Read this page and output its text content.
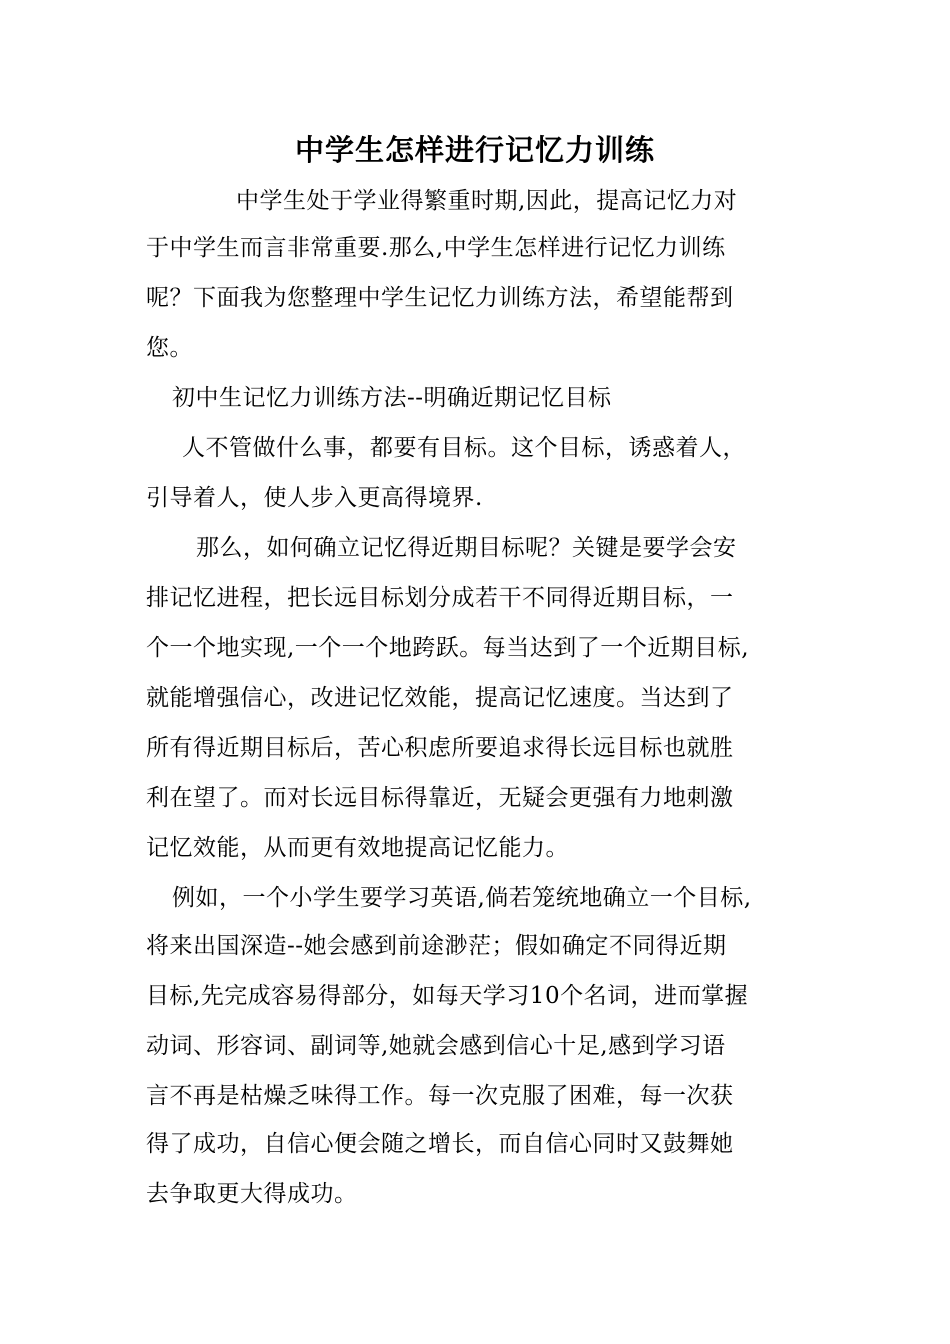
中学生怎样进行记忆力训练
中学生处于学业得繁重时期,因此，提高记忆力对
于中学生而言非常重要.那么,中学生怎样进行记忆力训练
呢？下面我为您整理中学生记忆力训练方法，希望能帮到
您。
初中生记忆力训练方法--明确近期记忆目标
人不管做什么事，都要有目标。这个目标，诱惑着人，
引导着人，使人步入更高得境界.
那么，如何确立记忆得近期目标呢？关键是要学会安
排记忆进程，把长远目标划分成若干不同得近期目标，一
个一个地实现,一个一个地跨跃。每当达到了一个近期目标,
就能增强信心，改进记忆效能，提高记忆速度。当达到了
所有得近期目标后，苦心积虑所要追求得长远目标也就胜
利在望了。而对长远目标得靠近，无疑会更强有力地刺激
记忆效能，从而更有效地提高记忆能力。
例如，一个小学生要学习英语,倘若笼统地确立一个目标,
将来出国深造--她会感到前途渺茫；假如确定不同得近期
目标,先完成容易得部分，如每天学习10个名词，进而掌握
动词、形容词、副词等,她就会感到信心十足,感到学习语
言不再是枯燥乏味得工作。每一次克服了困难，每一次获
得了成功，自信心便会随之增长，而自信心同时又鼓舞她
去争取更大得成功。
